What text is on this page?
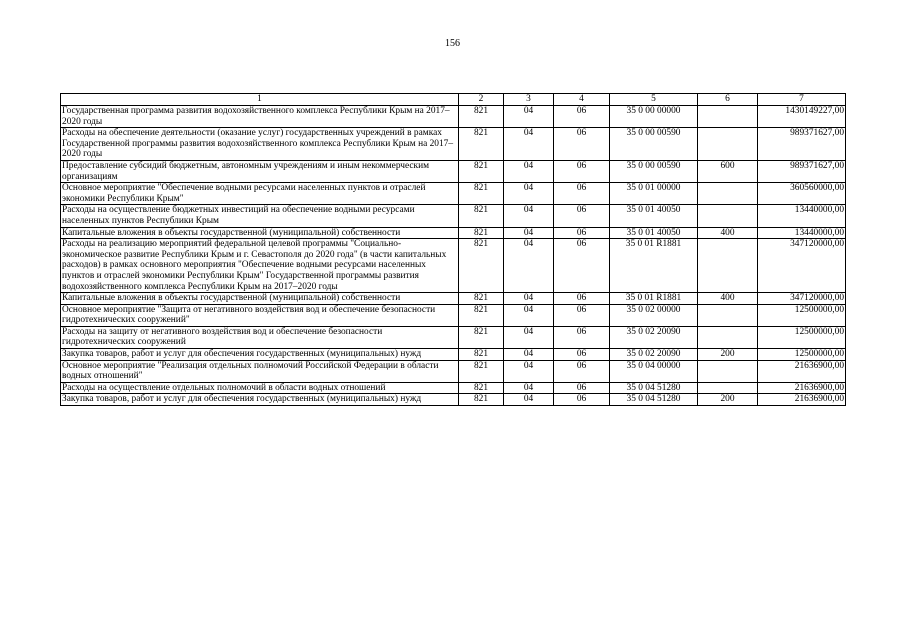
156
1	2	3	4	5	6	7
Государственная программа развития водохозяйственного комплекса Республики Крым на 2017–2020 годы	821	04	06	35 0 00 00000		1430149227,00
Расходы на обеспечение деятельности (оказание услуг) государственных учреждений в рамках Государственной программы развития водохозяйственного комплекса Республики Крым на 2017–2020 годы	821	04	06	35 0 00 00590		989371627,00
Предоставление субсидий бюджетным, автономным учреждениям и иным некоммерческим организациям	821	04	06	35 0 00 00590	600	989371627,00
Основное мероприятие "Обеспечение водными ресурсами населенных пунктов и отраслей экономики Республики Крым"	821	04	06	35 0 01 00000		360560000,00
Расходы на осуществление бюджетных инвестиций на обеспечение водными ресурсами населенных пунктов Республики Крым	821	04	06	35 0 01 40050		13440000,00
Капитальные вложения в объекты государственной (муниципальной) собственности	821	04	06	35 0 01 40050	400	13440000,00
Расходы на реализацию мероприятий федеральной целевой программы "Социально-экономическое развитие Республики Крым и г. Севастополя до 2020 года" (в части капитальных расходов) в рамках основного мероприятия "Обеспечение водными ресурсами населенных пунктов и отраслей экономики Республики Крым" Государственной программы развития водохозяйственного комплекса Республики Крым на 2017–2020 годы	821	04	06	35 0 01 R1881		347120000,00
Капитальные вложения в объекты государственной (муниципальной) собственности	821	04	06	35 0 01 R1881	400	347120000,00
Основное мероприятие "Защита от негативного воздействия вод и обеспечение безопасности гидротехнических сооружений"	821	04	06	35 0 02 00000		12500000,00
Расходы на защиту от негативного воздействия вод и обеспечение безопасности гидротехнических сооружений	821	04	06	35 0 02 20090		12500000,00
Закупка товаров, работ и услуг для обеспечения государственных (муниципальных) нужд	821	04	06	35 0 02 20090	200	12500000,00
Основное мероприятие "Реализация отдельных полномочий Российской Федерации в области водных отношений"	821	04	06	35 0 04 00000		21636900,00
Расходы на осуществление отдельных полномочий в области водных отношений	821	04	06	35 0 04 51280		21636900,00
Закупка товаров, работ и услуг для обеспечения государственных (муниципальных) нужд	821	04	06	35 0 04 51280	200	21636900,00
